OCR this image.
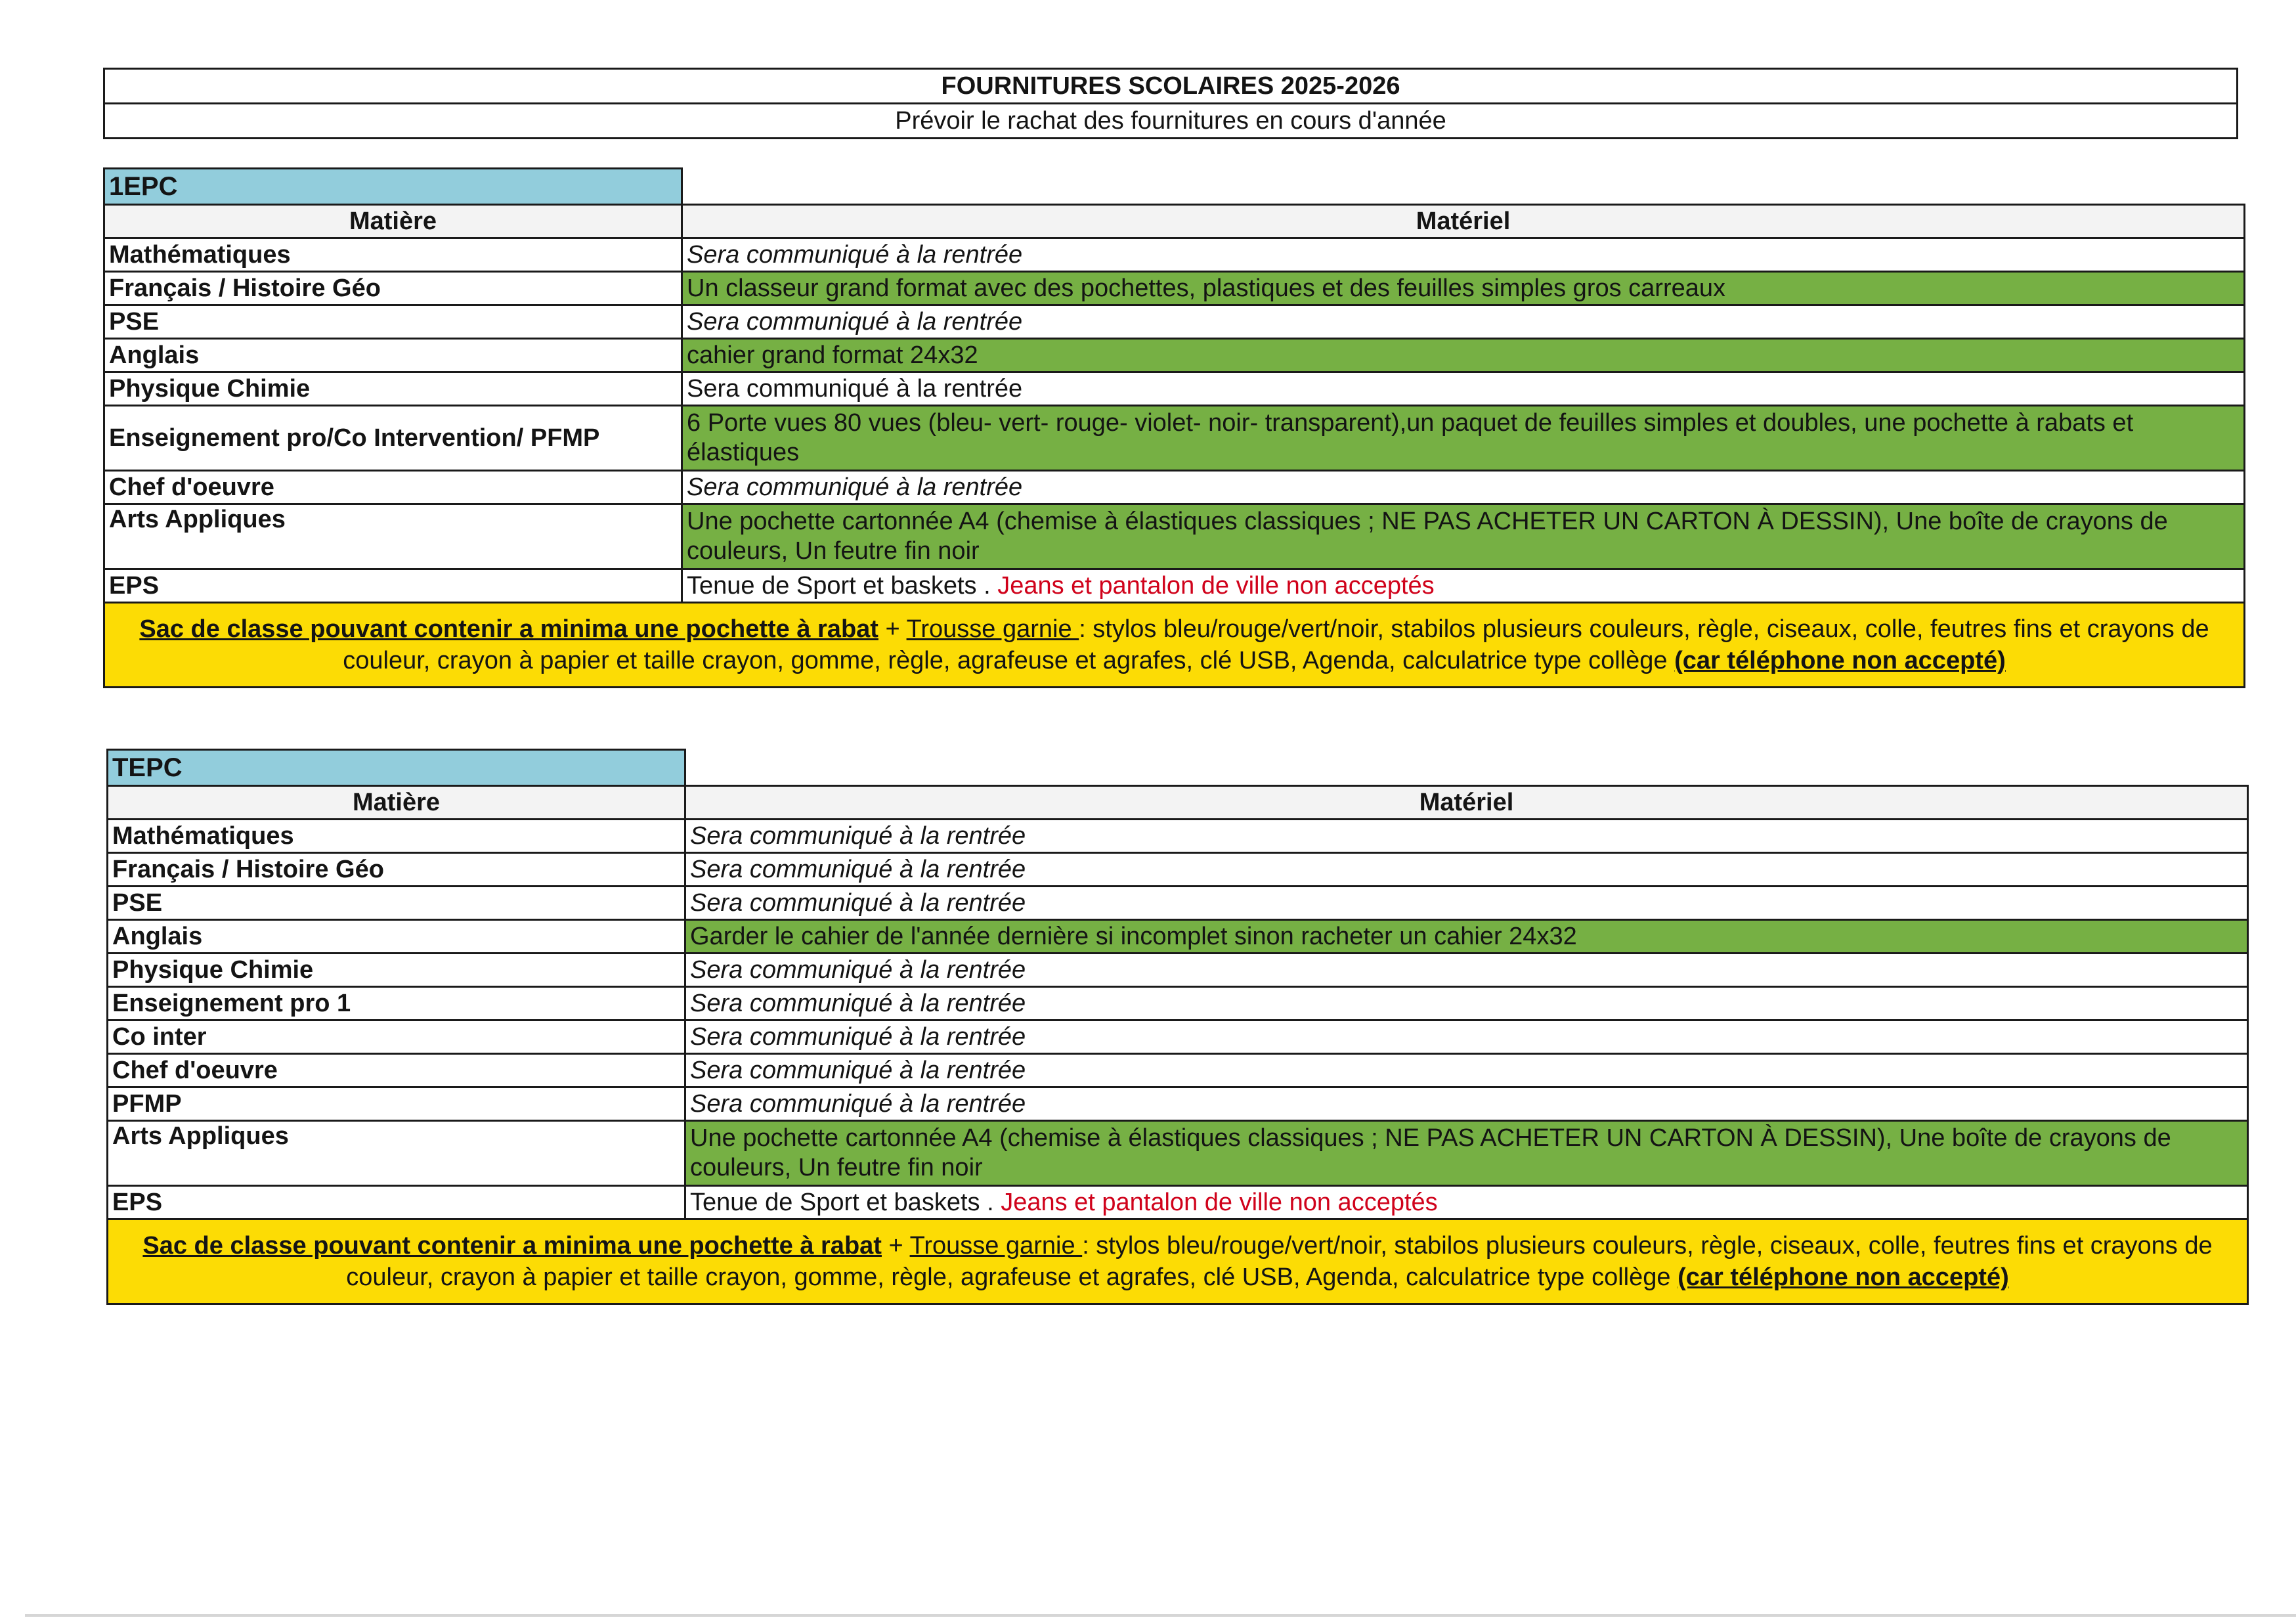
FOURNITURES SCOLAIRES 2025-2026
Prévoir le rachat des fournitures en cours d'année
1EPC	
Matière	Matériel
Mathématiques	Sera communiqué à la rentrée
Français / Histoire Géo	Un classeur grand format avec des pochettes, plastiques et des feuilles simples gros carreaux
PSE	Sera communiqué à la rentrée
Anglais	cahier grand format 24x32
Physique Chimie	Sera communiqué à la rentrée
Enseignement pro/Co Intervention/ PFMP	6 Porte vues 80 vues (bleu- vert- rouge- violet- noir- transparent),un paquet de feuilles simples et doubles, une pochette à rabats et élastiques
Chef d'oeuvre	Sera communiqué à la rentrée
Arts Appliques	Une pochette cartonnée A4 (chemise à élastiques classiques ; NE PAS ACHETER UN CARTON À DESSIN), Une boîte de crayons de couleurs, Un feutre fin noir
EPS	Tenue de Sport et baskets . Jeans et pantalon de ville non acceptés
Sac de classe pouvant contenir a minima une pochette à rabat + Trousse garnie : stylos bleu/rouge/vert/noir, stabilos plusieurs couleurs, règle, ciseaux, colle, feutres fins et crayons de couleur, crayon à papier et taille crayon, gomme, règle, agrafeuse et agrafes, clé USB, Agenda, calculatrice type collège (car téléphone non accepté)	
TEPC	
Matière	Matériel
Mathématiques	Sera communiqué à la rentrée
Français / Histoire Géo	Sera communiqué à la rentrée
PSE	Sera communiqué à la rentrée
Anglais	Garder le cahier de l'année dernière si incomplet sinon racheter un cahier 24x32
Physique Chimie	Sera communiqué à la rentrée
Enseignement pro 1	Sera communiqué à la rentrée
Co inter	Sera communiqué à la rentrée
Chef d'oeuvre	Sera communiqué à la rentrée
PFMP	Sera communiqué à la rentrée
Arts Appliques	Une pochette cartonnée A4 (chemise à élastiques classiques ; NE PAS ACHETER UN CARTON À DESSIN), Une boîte de crayons de couleurs, Un feutre fin noir
EPS	Tenue de Sport et baskets . Jeans et pantalon de ville non acceptés
Sac de classe pouvant contenir a minima une pochette à rabat + Trousse garnie : stylos bleu/rouge/vert/noir, stabilos plusieurs couleurs, règle, ciseaux, colle, feutres fins et crayons de couleur, crayon à papier et taille crayon, gomme, règle, agrafeuse et agrafes, clé USB, Agenda, calculatrice type collège (car téléphone non accepté)	
